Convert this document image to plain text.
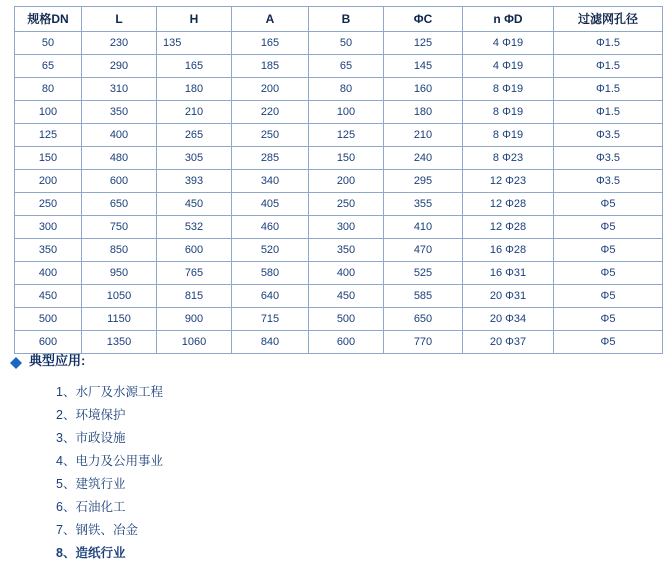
规格DN	L	H	A	B	ΦC	n ΦD	过滤网孔径
50	230	135	165	50	125	4 Φ19	Φ1.5
65	290	165	185	65	145	4 Φ19	Φ1.5
80	310	180	200	80	160	8 Φ19	Φ1.5
100	350	210	220	100	180	8 Φ19	Φ1.5
125	400	265	250	125	210	8 Φ19	Φ3.5
150	480	305	285	150	240	8 Φ23	Φ3.5
200	600	393	340	200	295	12 Φ23	Φ3.5
250	650	450	405	250	355	12 Φ28	Φ5
300	750	532	460	300	410	12 Φ28	Φ5
350	850	600	520	350	470	16 Φ28	Φ5
400	950	765	580	400	525	16 Φ31	Φ5
450	1050	815	640	450	585	20 Φ31	Φ5
500	1150	900	715	500	650	20 Φ34	Φ5
600	1350	1060	840	600	770	20 Φ37	Φ5
典型应用:
1、水厂及水源工程
2、环境保护
3、市政设施
4、电力及公用事业
5、建筑行业
6、石油化工
7、钢铁、冶金
8、造纸行业
